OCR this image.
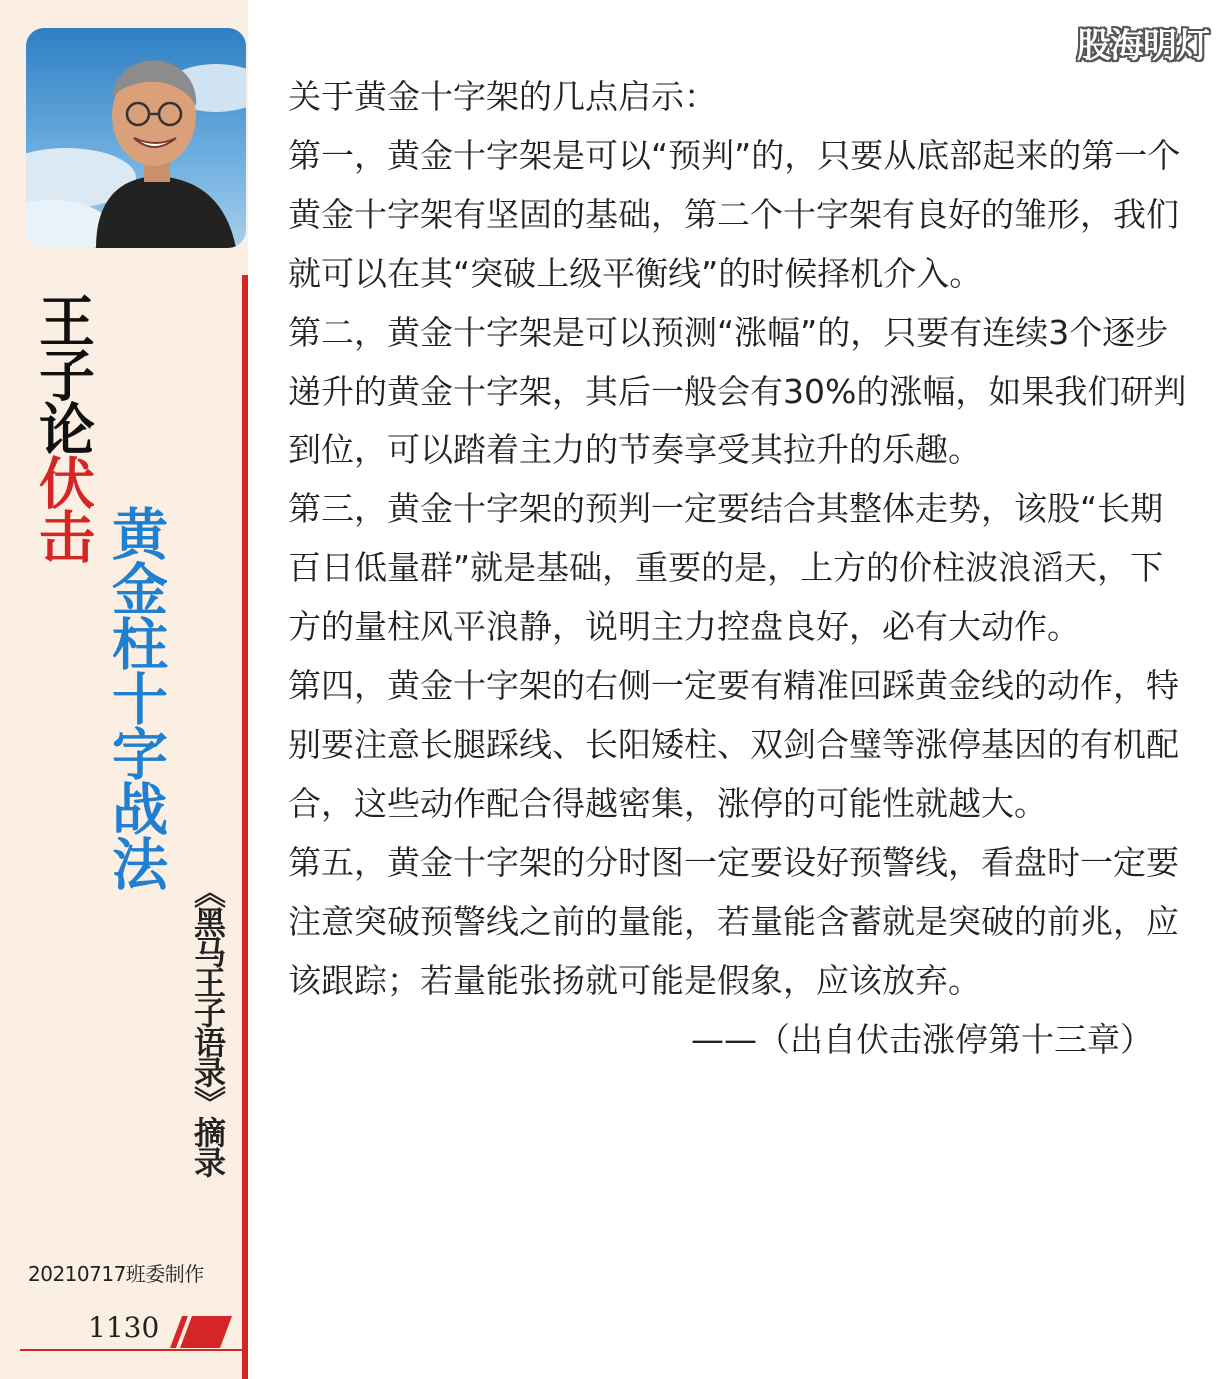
王子论伏击 黄金柱十字战法
《黑马王子语录》摘录
20210717班委制作
1130
股海明灯

关于黄金十字架的几点启示：

第一，黄金十字架是可以“预判”的，只要从底部起来的第一个黄金十字架有坚固的基础，第二个十字架有良好的雏形，我们就可以在其“突破上级平衡线”的时候择机介入。

第二，黄金十字架是可以预测“涨幅”的，只要有连续3个逐步递升的黄金十字架，其后一般会有30%的涨幅，如果我们研判到位，可以踏着主力的节奏享受其拉升的乐趣。

第三，黄金十字架的预判一定要结合其整体走势，该股“长期百日低量群”就是基础，重要的是，上方的价柱波浪滔天，下方的量柱风平浪静，说明主力控盘良好，必有大动作。

第四，黄金十字架的右侧一定要有精准回踩黄金线的动作，特别要注意长腿踩线、长阳矮柱、双剑合璧等涨停基因的有机配合，这些动作配合得越密集，涨停的可能性就越大。

第五，黄金十字架的分时图一定要设好预警线，看盘时一定要注意突破预警线之前的量能，若量能含蓄就是突破的前兆，应该跟踪；若量能张扬就可能是假象，应该放弃。

——（出自伏击涨停第十三章）
